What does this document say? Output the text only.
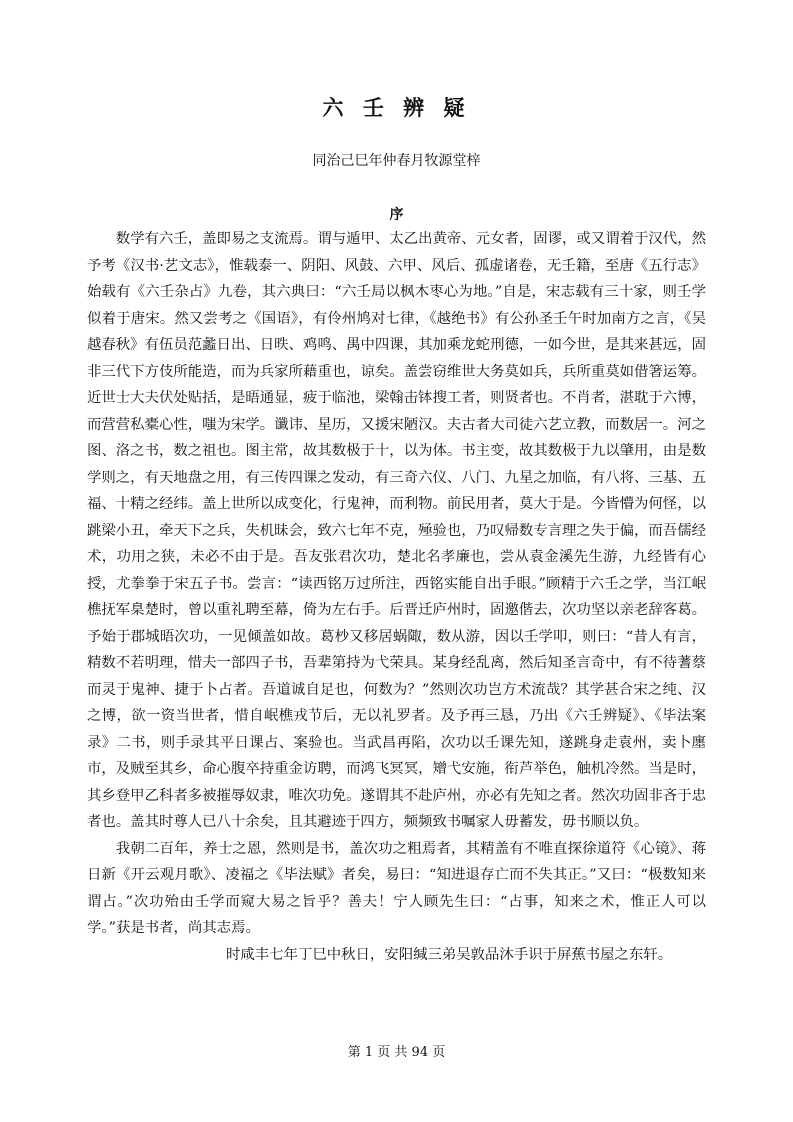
六 壬 辨 疑
同治己巳年仲春月牧源堂梓
序

数学有六壬，盖即易之支流焉。谓与遁甲、太乙出黄帝、元女者，固谬，或又谓着于汉代，然予考《汉书·艺文志》，惟载泰一、阴阳、风鼓、六甲、风后、孤虚诸卷，无壬籍，至唐《五行志》始载有《六壬杂占》九卷，其六典曰：“六壬局以枫木枣心为地。”自是，宋志载有三十家，则壬学似着于唐宋。然又尝考之《国语》，有伶州鸠对七律，《越绝书》有公孙圣壬午时加南方之言，《吴越春秋》有伍员范蠡日出、日昳、鸡鸣、禺中四课，其加乘龙蛇刑德，一如今世，是其来甚远，固非三代下方伎所能造，而为兵家所藉重也，谅矣。盖尝窃维世大务莫如兵，兵所重莫如借箸运筹。近世士大夫伏处贴括，是晤通显，疲于临池，梁翰击钵搜工者，则贤者也。不肖者，湛耽于六博，而营营私橐心性，嗤为宋学。谶讳、星历，又援宋陋汉。夫古者大司徒六艺立教，而数居一。河之图、洛之书，数之祖也。图主常，故其数极于十，以为体。书主变，故其数极于九以肇用，由是数学则之，有天地盘之用，有三传四课之发动，有三奇六仪、八门、九星之加临，有八将、三基、五福、十精之经纬。盖上世所以成变化，行鬼神，而利物。前民用者，莫大于是。今皆懵为何怪，以跳梁小丑，牵天下之兵，失机昧会，致六七年不克，殛验也，乃叹帰数专言理之失于偏，而吾儒经术，功用之狭，未必不由于是。吾友张君次功，楚北名孝廉也，尝从袁金溪先生游，九经皆有心授，尤拳拳于宋五子书。尝言：“读西铭万过所注，西铭实能自出手眼。”顾精于六壬之学，当江岷樵抚军臬楚时，曾以重礼聘至幕，倚为左右手。后晋迁庐州时，固邀偕去，次功坚以亲老辞客葛。予始于郡城晤次功，一见倾盖如故。葛杪又移居蜗陬，数从游，因以壬学叩，则曰：“昔人有言，精数不若明理，惜夫一部四子书，吾辈第持为弋荣具。某身经乱离，然后知圣言奇中，有不待蓍蔡而灵于鬼神、捷于卜占者。吾道诚自足也，何数为？”然则次功岂方术流哉？其学甚合宋之纯、汉之博，欲一资当世者，惜自岷樵戎节后，无以礼罗者。及予再三恳，乃出《六壬辨疑》、《毕法案录》二书，则手录其平日课占、案验也。当武昌再陷，次功以壬课先知，遂跳身走袁州，卖卜廛市，及贼至其乡，命心腹卒持重金访聘，而鸿飞冥冥，矰弋安施，衔芦举色，触机冷然。当是时，其乡登甲乙科者多被摧辱奴隶，唯次功免。遂谓其不赴庐州，亦必有先知之者。然次功固非吝于忠者也。盖其时尊人已八十余矣，且其避迹于四方，频频致书嘱家人毋蓄发，毋书顺以负。

我朝二百年，养士之恩，然则是书，盖次功之粗焉者，其精盖有不唯直探徐道符《心镜》、蒋日新《开云观月歌》、凌福之《毕法赋》者矣，易曰：“知进退存亡而不失其正。”又曰：“极数知来谓占。”次功殆由壬学而窥大易之旨乎？善夫！宁人顾先生曰：“占事，知来之术，惟正人可以学。”获是书者，尚其志焉。

时咸丰七年丁巳中秋日，安阳缄三弟吴敦品沐手识于屏蕉书屋之东轩。
第 1 页 共 94 页
